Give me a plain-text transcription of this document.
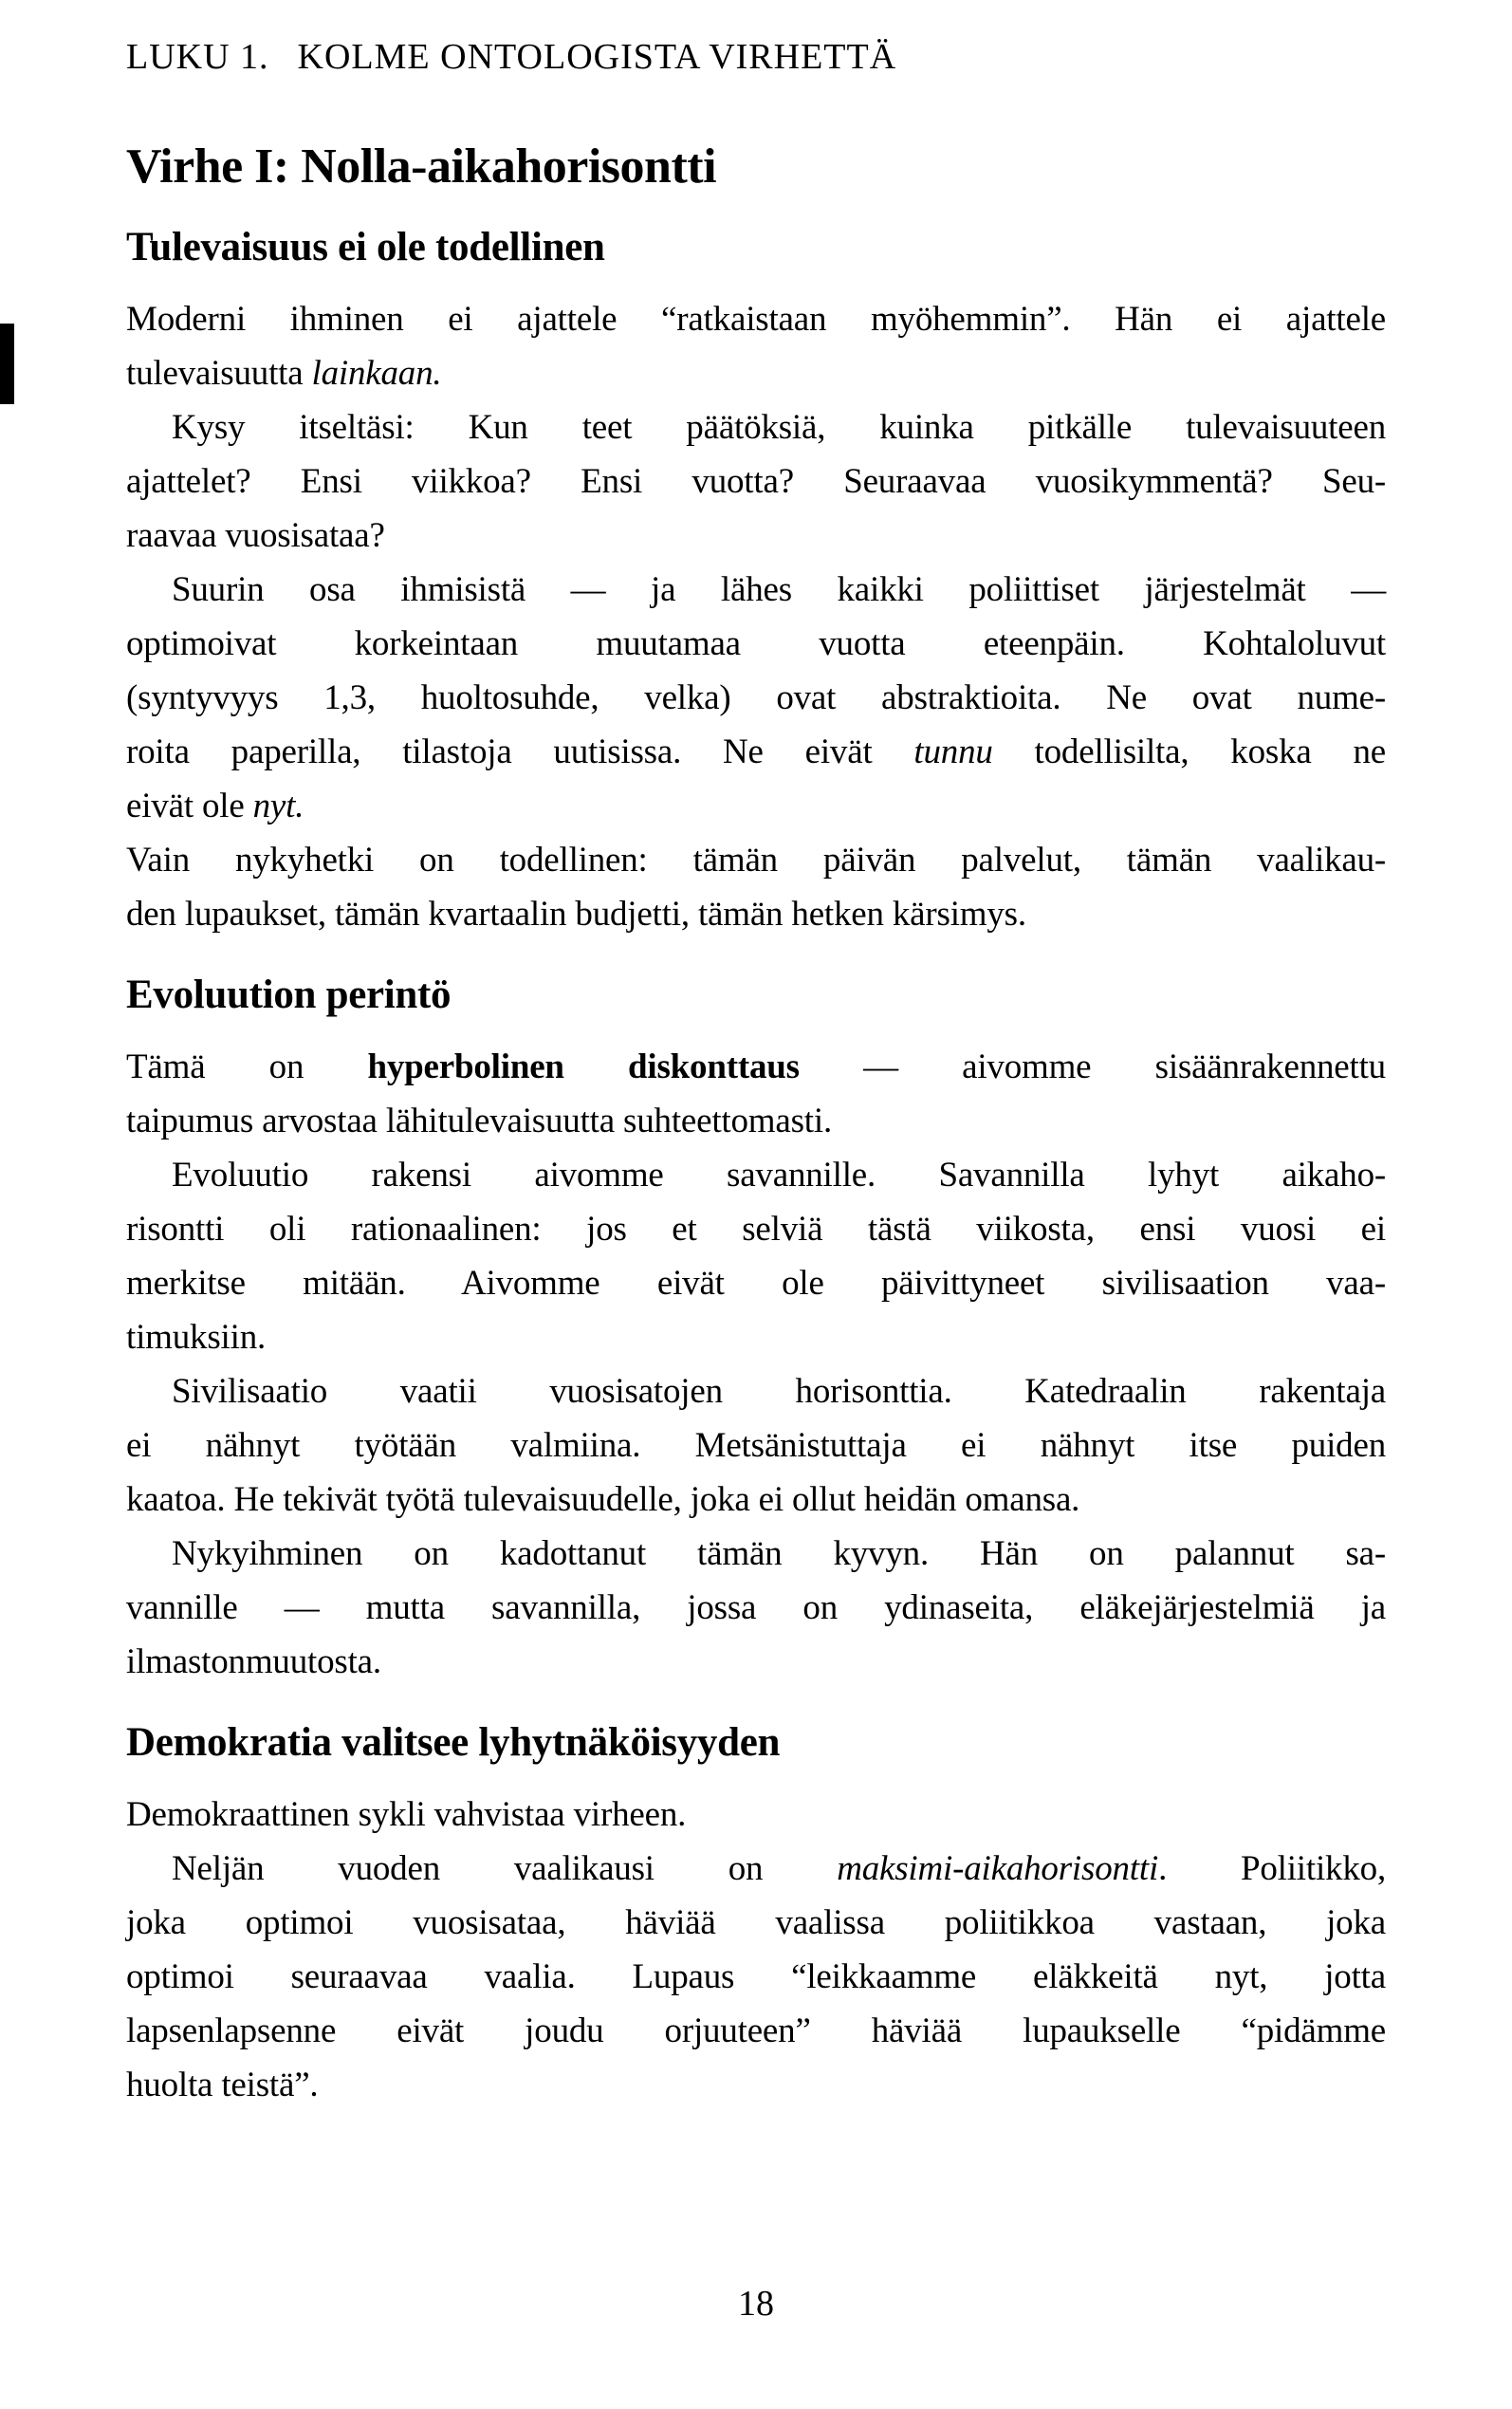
LUKU 1. KOLME ONTOLOGISTA VIRHETTÄ
Virhe I: Nolla-aikahorisontti
Tulevaisuus ei ole todellinen
Moderni ihminen ei ajattele “ratkaistaan myöhemmin”. Hän ei ajattele
tulevaisuutta lainkaan.
Kysy itseltäsi: Kun teet päätöksiä, kuinka pitkälle tulevaisuuteen
ajattelet? Ensi viikkoa? Ensi vuotta? Seuraavaa vuosikymmentä? Seu-
raavaa vuosisataa?
Suurin osa ihmisistä — ja lähes kaikki poliittiset järjestelmät —
optimoivat korkeintaan muutamaa vuotta eteenpäin. Kohtaloluvut
(syntyvyys 1,3, huoltosuhde, velka) ovat abstraktioita. Ne ovat nume-
roita paperilla, tilastoja uutisissa. Ne eivät tunnu todellisilta, koska ne
eivät ole nyt.
Vain nykyhetki on todellinen: tämän päivän palvelut, tämän vaalikau-
den lupaukset, tämän kvartaalin budjetti, tämän hetken kärsimys.
Evoluution perintö
Tämä on hyperbolinen diskonttaus — aivomme sisäänrakennettu
taipumus arvostaa lähitulevaisuutta suhteettomasti.
Evoluutio rakensi aivomme savannille. Savannilla lyhyt aikaho-
risontti oli rationaalinen: jos et selviä tästä viikosta, ensi vuosi ei
merkitse mitään. Aivomme eivät ole päivittyneet sivilisaation vaa-
timuksiin.
Sivilisaatio vaatii vuosisatojen horisonttia. Katedraalin rakentaja
ei nähnyt työtään valmiina. Metsänistuttaja ei nähnyt itse puiden
kaatoa. He tekivät työtä tulevaisuudelle, joka ei ollut heidän omansa.
Nykyihminen on kadottanut tämän kyvyn. Hän on palannut sa-
vannille — mutta savannilla, jossa on ydinaseita, eläkejärjestelmiä ja
ilmastonmuutosta.
Demokratia valitsee lyhytnäköisyyden
Demokraattinen sykli vahvistaa virheen.
Neljän vuoden vaalikausi on maksimi-aikahorisontti. Poliitikko,
joka optimoi vuosisataa, häviää vaalissa poliitikkoa vastaan, joka
optimoi seuraavaa vaalia. Lupaus “leikkaamme eläkkeitä nyt, jotta
lapsenlapsenne eivät joudu orjuuteen” häviää lupaukselle “pidämme
huolta teistä”.
18
